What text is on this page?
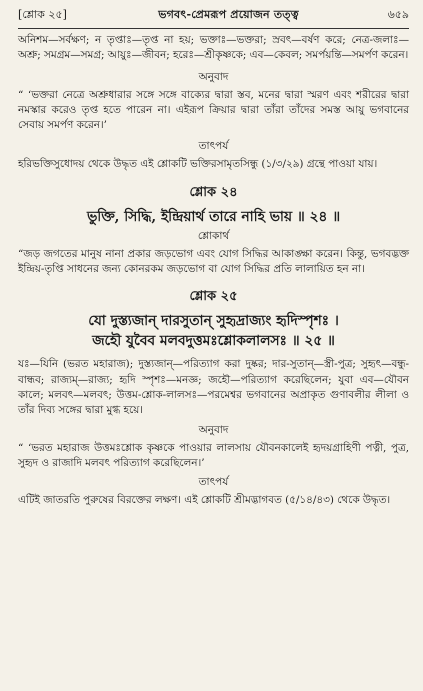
[শ্লোক ২৫]	ভগবৎ-প্রেমরূপ প্রয়োজন তত্ত্ব	৬৫৯

অনিশম—সর্বক্ষণ; ন তৃপ্তাঃ—তৃপ্ত না হয়; ভক্তাঃ—ভক্তরা; স্রবৎ—বর্ষণ করে; নেত্র-জলাঃ—অশ্রু; সমগ্রম—সমগ্র; আয়ুঃ—জীবন; হরেঃ—শ্রীকৃষ্ণকে; এব—কেবল; সমর্পয়ন্তি—সমর্পণ করেন।

অনুবাদ

“ ‘ভক্তরা নেত্রে অশ্রুধারার সঙ্গে সঙ্গে বাক্যের দ্বারা স্তব, মনের দ্বারা স্মরণ এবং শরীরের দ্বারা নমস্কার করেও তৃপ্ত হতে পারেন না। এইরূপ ক্রিয়ার দ্বারা তাঁরা তাঁদের সমস্ত আয়ু ভগবানের সেবায় সমর্পণ করেন।’

তাৎপর্য

হরিভক্তিসুধোদয় থেকে উদ্ধৃত এই শ্লোকটি ভক্তিরসামৃতসিন্ধু (১/৩/২৯) গ্রন্থে পাওয়া যায়।

শ্লোক ২৪

ভুক্তি, সিদ্ধি, ইন্দ্রিয়ার্থ তারে নাহি ভায় ॥ ২৪ ॥

শ্লোকার্থ

“জড় জগতের মানুষ নানা প্রকার জড়ভোগ এবং যোগ সিদ্ধির আকাঙ্ক্ষা করেন। কিন্তু, ভগবদ্ভক্ত ইন্দ্রিয়-তৃপ্তি সাধনের জন্য কোনরকম জড়ভোগ বা যোগ সিদ্ধির প্রতি লালায়িত হন না।

শ্লোক ২৫

যো দুস্ত্যজান্ দারসুতান্ সুহৃদ্রাজ্যং হৃদিস্পৃশঃ ।

জহৌ যুবৈব মলবদুত্তমঃশ্লোকলালসঃ ॥ ২৫ ॥

যঃ—যিনি (ভরত মহারাজ); দুস্ত্যজান্—পরিত্যাগ করা দুষ্কর; দার-সুতান্—স্ত্রী-পুত্র; সুহৃৎ—বন্ধু-বান্ধব; রাজ্যম্—রাজ্য; হৃদি স্পৃশঃ—মনজ্ঞ; জহৌ—পরিত্যাগ করেছিলেন; যুবা এব—যৌবন কালে; মলবৎ—মলবৎ; উত্তম-শ্লোক-লালসঃ—পরমেশ্বর ভগবানের অপ্রাকৃত গুণাবলীর লীলা ও তাঁর দিব্য সঙ্গের দ্বারা মুগ্ধ হয়ে।

অনুবাদ

“ ‘ভরত মহারাজ উত্তমঃশ্লোক কৃষ্ণকে পাওয়ার লালসায় যৌবনকালেই হৃদয়গ্রাহিণী পত্নী, পুত্র, সুহৃদ ও রাজাদি মলবৎ পরিত্যাগ করেছিলেন।’

তাৎপর্য

এটিই জাতরতি পুরুষের বিরক্তের লক্ষণ। এই শ্লোকটি শ্রীমদ্ভাগবত (৫/১৪/৪৩) থেকে উদ্ধৃত।
